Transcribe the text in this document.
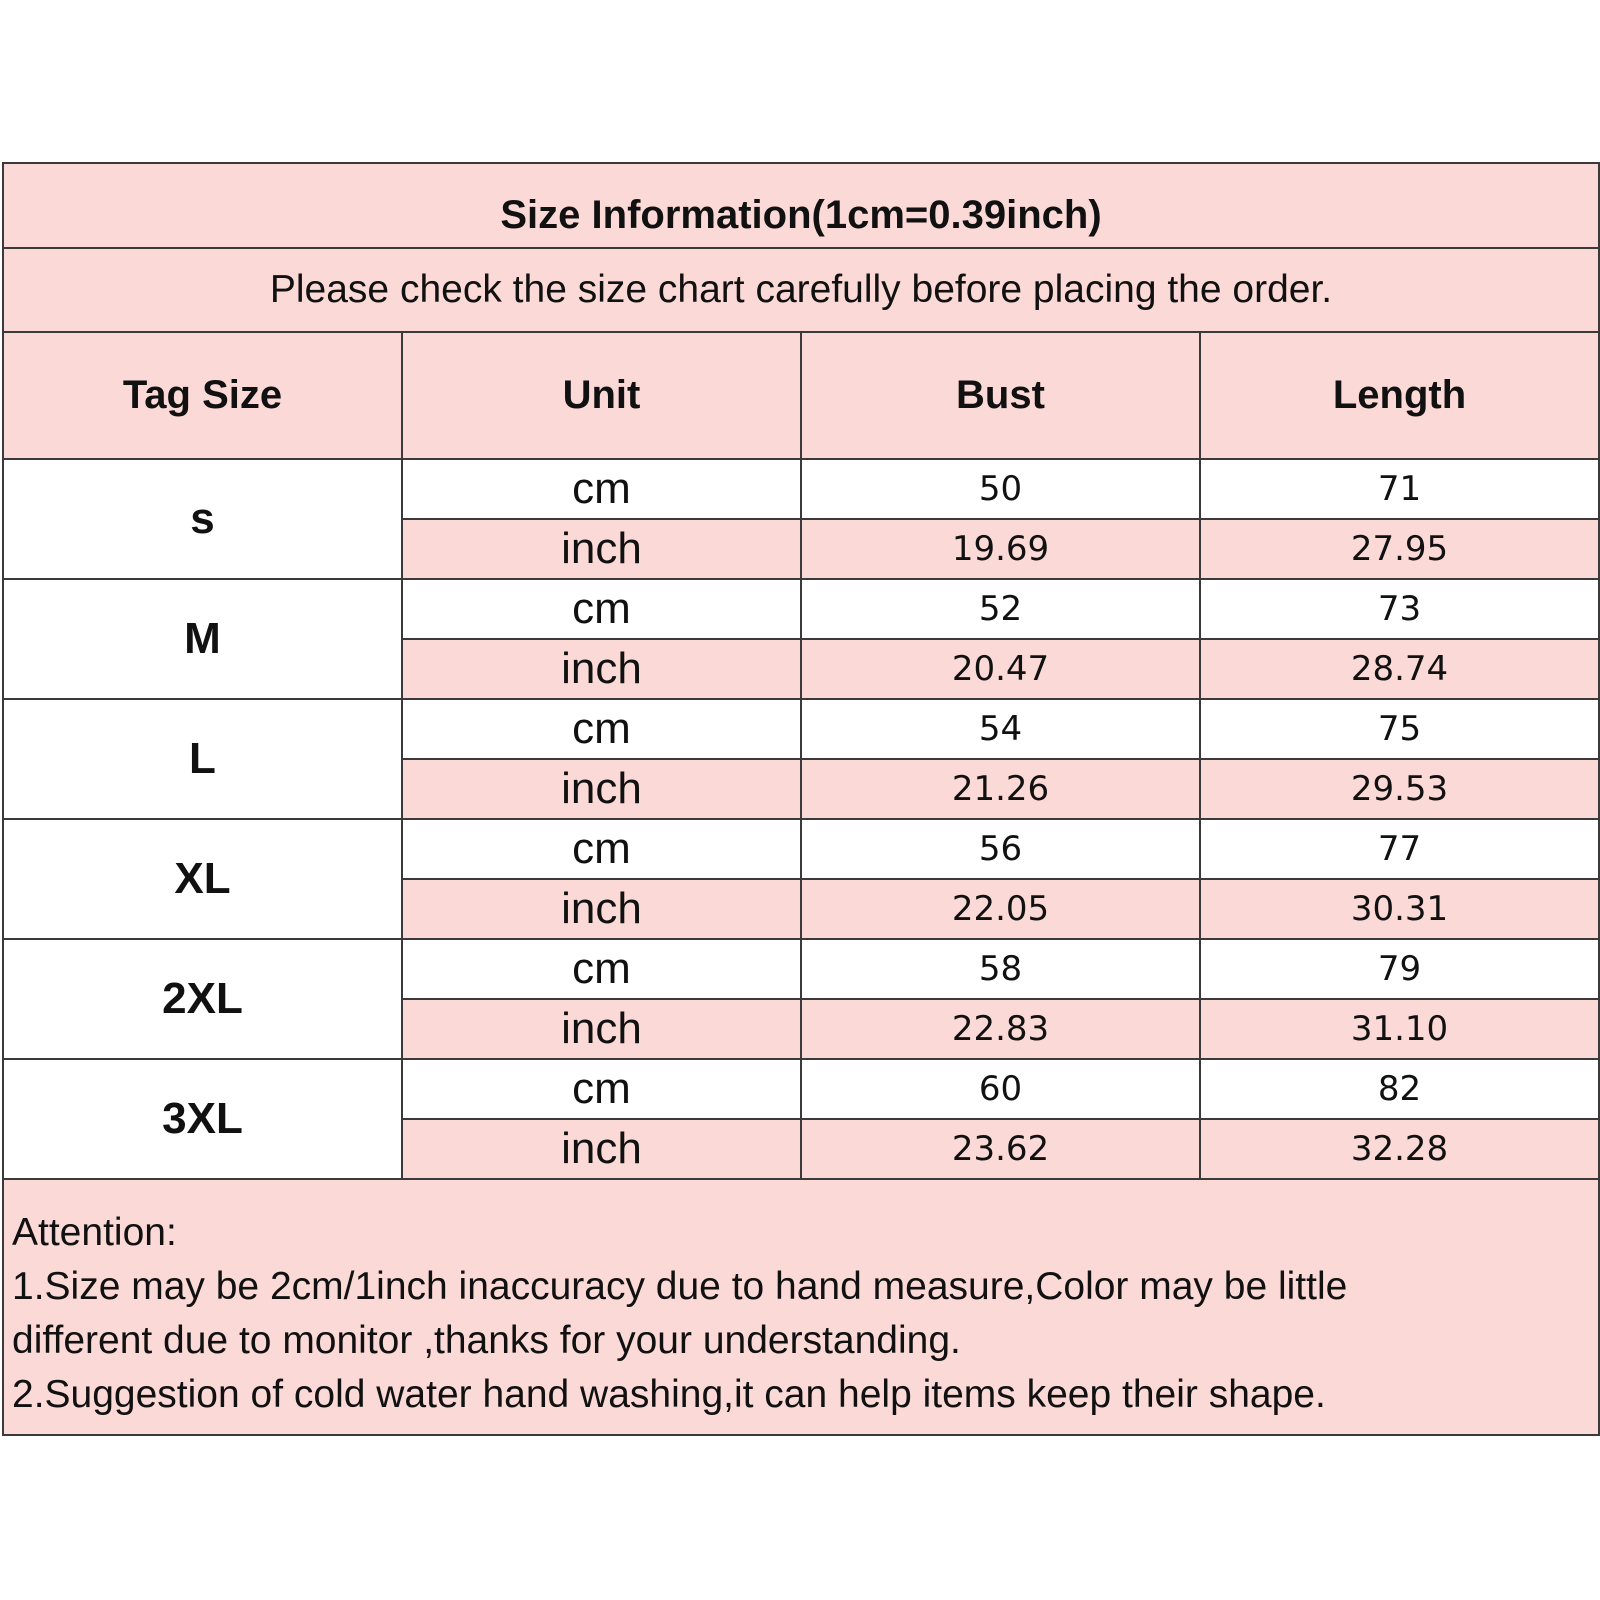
Size Information(1cm=0.39inch)			
Please check the size chart carefully before placing the order.			
Tag Size	Unit	Bust	Length
s	cm	50	71
	inch	19.69	27.95
M	cm	52	73
	inch	20.47	28.74
L	cm	54	75
	inch	21.26	29.53
XL	cm	56	77
	inch	22.05	30.31
2XL	cm	58	79
	inch	22.83	31.10
3XL	cm	60	82
	inch	23.62	32.28

Attention:
1.Size may be 2cm/1inch inaccuracy due to hand measure,Color may be little
different due to monitor ,thanks for your understanding.
2.Suggestion of cold water hand washing,it can help items keep their shape.			
